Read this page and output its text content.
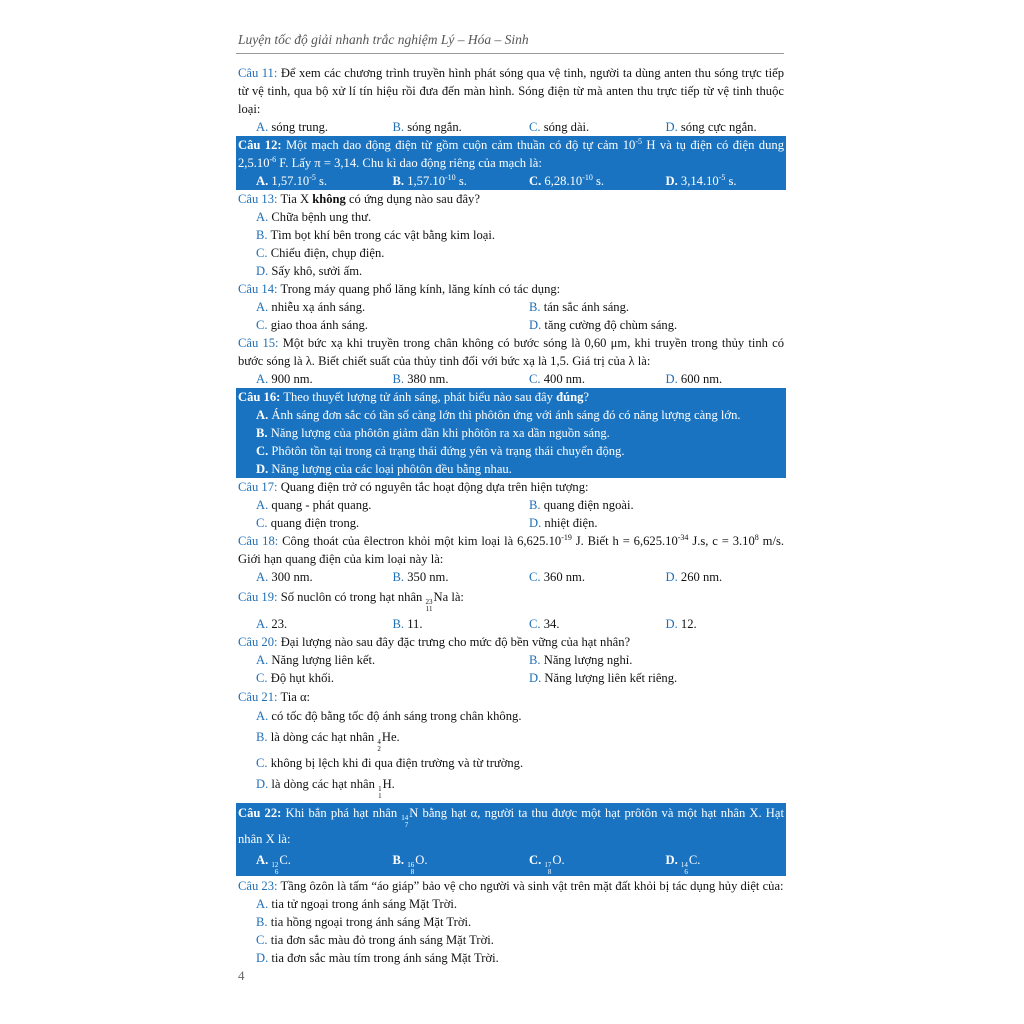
Luyện tốc độ giải nhanh trắc nghiệm Lý – Hóa – Sinh
Câu 11: Để xem các chương trình truyền hình phát sóng qua vệ tinh, người ta dùng anten thu sóng trực tiếp từ vệ tinh, qua bộ xử lí tín hiệu rồi đưa đến màn hình. Sóng điện từ mà anten thu trực tiếp từ vệ tinh thuộc loại:
A. sóng trung.	B. sóng ngắn.	C. sóng dài.	D. sóng cực ngắn.
Câu 12: Một mạch dao động điện từ gồm cuộn cảm thuần có độ tự cảm $10^{-5}$ H và tụ điện có điện dung $2,5.10^{-6}$ F. Lấy π = 3,14. Chu kì dao động riêng của mạch là:
A. $1,57.10^{-5}$ s.	B. $1,57.10^{-10}$ s.	C. $6,28.10^{-10}$ s.	D. $3,14.10^{-5}$ s.
Câu 13: Tia X không có ứng dụng nào sau đây?
A. Chữa bệnh ung thư.
B. Tìm bọt khí bên trong các vật bằng kim loại.
C. Chiếu điện, chụp điện.
D. Sấy khô, sưởi ấm.
Câu 14: Trong máy quang phổ lăng kính, lăng kính có tác dụng:
A. nhiễu xạ ánh sáng.	B. tán sắc ánh sáng.
C. giao thoa ánh sáng.	D. tăng cường độ chùm sáng.
Câu 15: Một bức xạ khi truyền trong chân không có bước sóng là 0,60 μm, khi truyền trong thủy tinh có bước sóng là λ. Biết chiết suất của thủy tinh đối với bức xạ là 1,5. Giá trị của λ là:
A. 900 nm.	B. 380 nm.	C. 400 nm.	D. 600 nm.
Câu 16: Theo thuyết lượng tử ánh sáng, phát biểu nào sau đây đúng?
A. Ánh sáng đơn sắc có tần số càng lớn thì phôtôn ứng với ánh sáng đó có năng lượng càng lớn.
B. Năng lượng của phôtôn giảm dần khi phôtôn ra xa dần nguồn sáng.
C. Phôtôn tồn tại trong cả trạng thái đứng yên và trạng thái chuyển động.
D. Năng lượng của các loại phôtôn đều bằng nhau.
Câu 17: Quang điện trở có nguyên tắc hoạt động dựa trên hiện tượng:
A. quang - phát quang.	B. quang điện ngoài.
C. quang điện trong.	D. nhiệt điện.
Câu 18: Công thoát của êlectron khỏi một kim loại là $6,625.10^{-19}$ J. Biết $h = 6,625.10^{-34}$ J.s, $c = 3.10^8$ m/s. Giới hạn quang điện của kim loại này là:
A. 300 nm.	B. 350 nm.	C. 360 nm.	D. 260 nm.
Câu 19: Số nuclôn có trong hạt nhân 23
11
Na là:
A. 23.	B. 11.	C. 34.	D. 12.
Câu 20: Đại lượng nào sau đây đặc trưng cho mức độ bền vững của hạt nhân?
A. Năng lượng liên kết.	B. Năng lượng nghỉ.
C. Độ hụt khối.	D. Năng lượng liên kết riêng.
Câu 21: Tia α:
A. có tốc độ bằng tốc độ ánh sáng trong chân không.
B. là dòng các hạt nhân 4
2
He.
C. không bị lệch khi đi qua điện trường và từ trường.
D. là dòng các hạt nhân 1
1
H.
Câu 22: Khi bắn phá hạt nhân 14
7
N bằng hạt α, người ta thu được một hạt prôtôn và một hạt nhân X. Hạt nhân X là:
A. 12
6
C.	B. 16
8
O.	C. 17
8
O.	D. 14
6
C.
Câu 23: Tầng ôzôn là tấm “áo giáp” bảo vệ cho người và sinh vật trên mặt đất khỏi bị tác dụng hủy diệt của:
A. tia tử ngoại trong ánh sáng Mặt Trời.
B. tia hồng ngoại trong ánh sáng Mặt Trời.
C. tia đơn sắc màu đỏ trong ánh sáng Mặt Trời.
D. tia đơn sắc màu tím trong ánh sáng Mặt Trời.
4
